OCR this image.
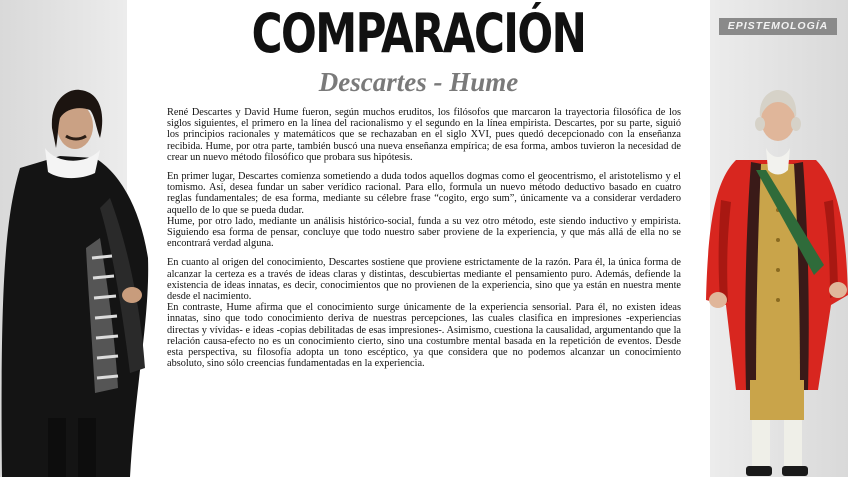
COMPARACIÓN
Descartes - Hume

René Descartes y David Hume fueron, según muchos eruditos, los filósofos que marcaron la trayectoria filosófica de los siglos siguientes, el primero en la línea del racionalismo y el segundo en la línea empirista. Descartes, por su parte, siguió los principios racionales y matemáticos que se rechazaban en el siglo XVI, pues quedó decepcionado con la enseñanza recibida. Hume, por otra parte, también buscó una nueva enseñanza empírica; de esa forma, ambos tuvieron la necesidad de crear un nuevo método filosófico que probara sus hipótesis.

En primer lugar, Descartes comienza sometiendo a duda todos aquellos dogmas como el geocentrismo, el aristotelismo y el tomismo. Así, desea fundar un saber verídico racional. Para ello, formula un nuevo método deductivo basado en cuatro reglas fundamentales; de esa forma, mediante su célebre frase “cogito, ergo sum”, únicamente va a considerar verdadero aquello de lo que se pueda dudar.

Hume, por otro lado, mediante un análisis histórico-social, funda a su vez otro método, este siendo inductivo y empirista. Siguiendo esa forma de pensar, concluye que todo nuestro saber proviene de la experiencia, y que más allá de ella no se encontrará verdad alguna.

En cuanto al origen del conocimiento, Descartes sostiene que proviene estrictamente de la razón. Para él, la única forma de alcanzar la certeza es a través de ideas claras y distintas, descubiertas mediante el pensamiento puro. Además, defiende la existencia de ideas innatas, es decir, conocimientos que no provienen de la experiencia, sino que ya están en nuestra mente desde el nacimiento.

En contraste, Hume afirma que el conocimiento surge únicamente de la experiencia sensorial. Para él, no existen ideas innatas, sino que todo conocimiento deriva de nuestras percepciones, las cuales clasifica en impresiones -experiencias directas y vívidas- e ideas -copias debilitadas de esas impresiones-. Asimismo, cuestiona la causalidad, argumentando que la relación causa-efecto no es un conocimiento cierto, sino una costumbre mental basada en la repetición de eventos. Desde esta perspectiva, su filosofía adopta un tono escéptico, ya que considera que no podemos alcanzar un conocimiento absoluto, sino sólo creencias fundamentadas en la experiencia.

EPISTEMOLOGÍA
